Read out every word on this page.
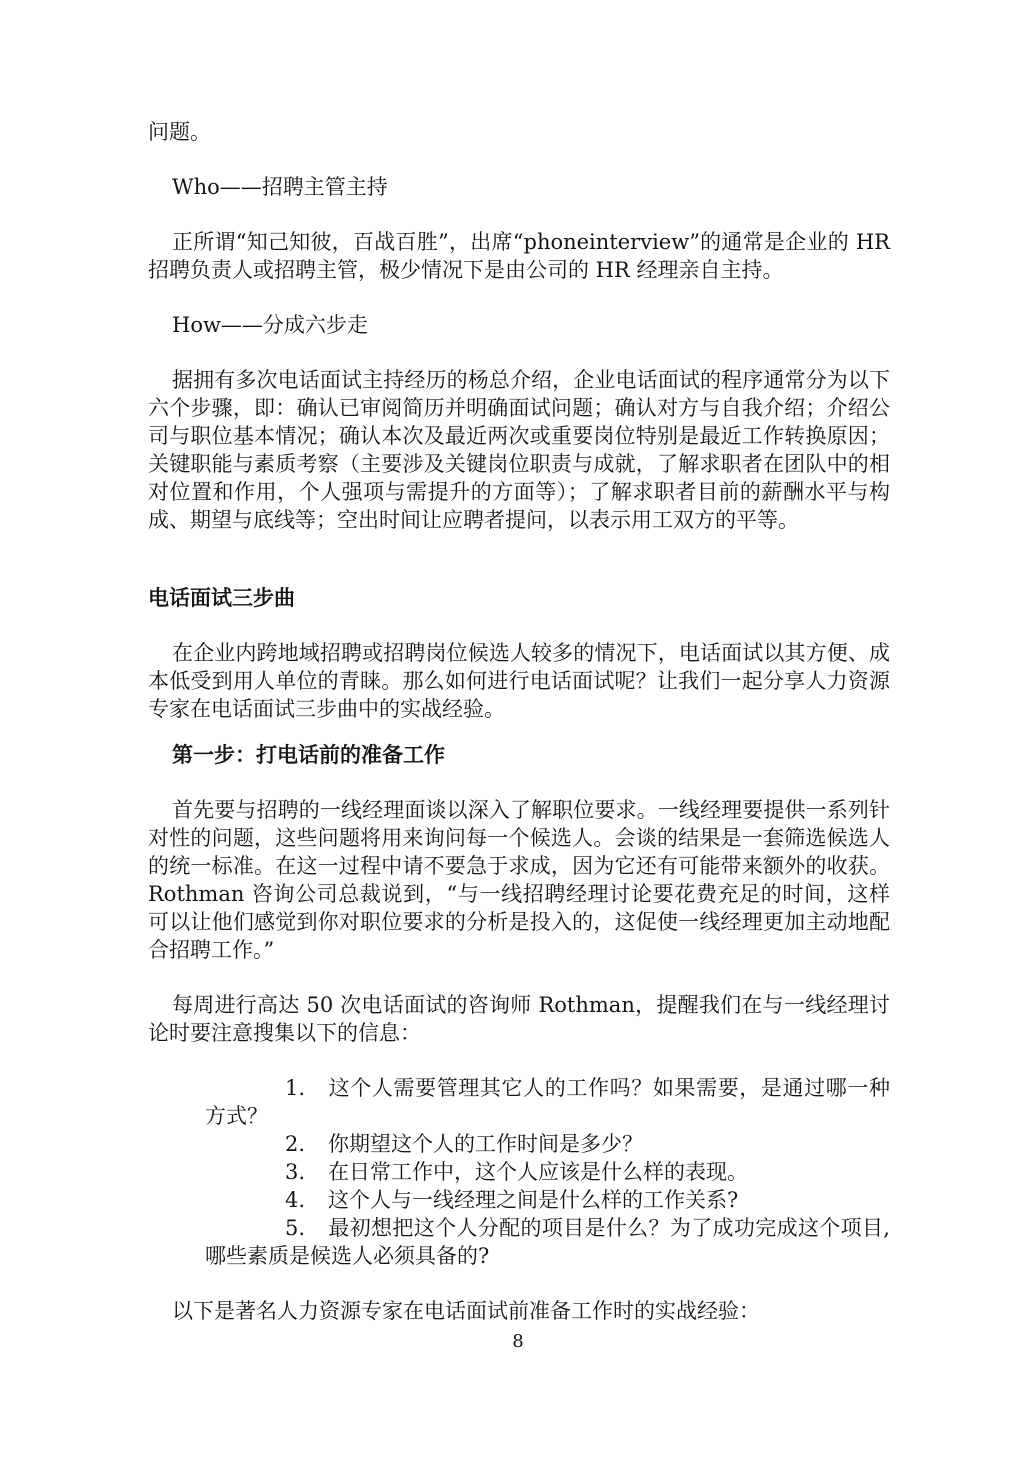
问题。

Who——招聘主管主持

正所谓“知己知彼，百战百胜”，出席“phoneinterview”的通常是企业的 HR 招聘负责人或招聘主管，极少情况下是由公司的 HR 经理亲自主持。

How——分成六步走

据拥有多次电话面试主持经历的杨总介绍，企业电话面试的程序通常分为以下六个步骤，即：确认已审阅简历并明确面试问题；确认对方与自我介绍；介绍公司与职位基本情况；确认本次及最近两次或重要岗位特别是最近工作转换原因；关键职能与素质考察（主要涉及关键岗位职责与成就，了解求职者在团队中的相对位置和作用，个人强项与需提升的方面等）；了解求职者目前的薪酬水平与构成、期望与底线等；空出时间让应聘者提问，以表示用工双方的平等。

电话面试三步曲

在企业内跨地域招聘或招聘岗位候选人较多的情况下，电话面试以其方便、成本低受到用人单位的青睐。那么如何进行电话面试呢？让我们一起分享人力资源专家在电话面试三步曲中的实战经验。

第一步：打电话前的准备工作

首先要与招聘的一线经理面谈以深入了解职位要求。一线经理要提供一系列针对性的问题，这些问题将用来询问每一个候选人。会谈的结果是一套筛选候选人的统一标准。在这一过程中请不要急于求成，因为它还有可能带来额外的收获。Rothman 咨询公司总裁说到，“与一线招聘经理讨论要花费充足的时间，这样可以让他们感觉到你对职位要求的分析是投入的，这促使一线经理更加主动地配合招聘工作。”

每周进行高达 50 次电话面试的咨询师 Rothman，提醒我们在与一线经理讨论时要注意搜集以下的信息：

1. 这个人需要管理其它人的工作吗？如果需要，是通过哪一种方式？
2. 你期望这个人的工作时间是多少？
3. 在日常工作中，这个人应该是什么样的表现。
4. 这个人与一线经理之间是什么样的工作关系?
5. 最初想把这个人分配的项目是什么？为了成功完成这个项目,哪些素质是候选人必须具备的?

以下是著名人力资源专家在电话面试前准备工作时的实战经验：

8
